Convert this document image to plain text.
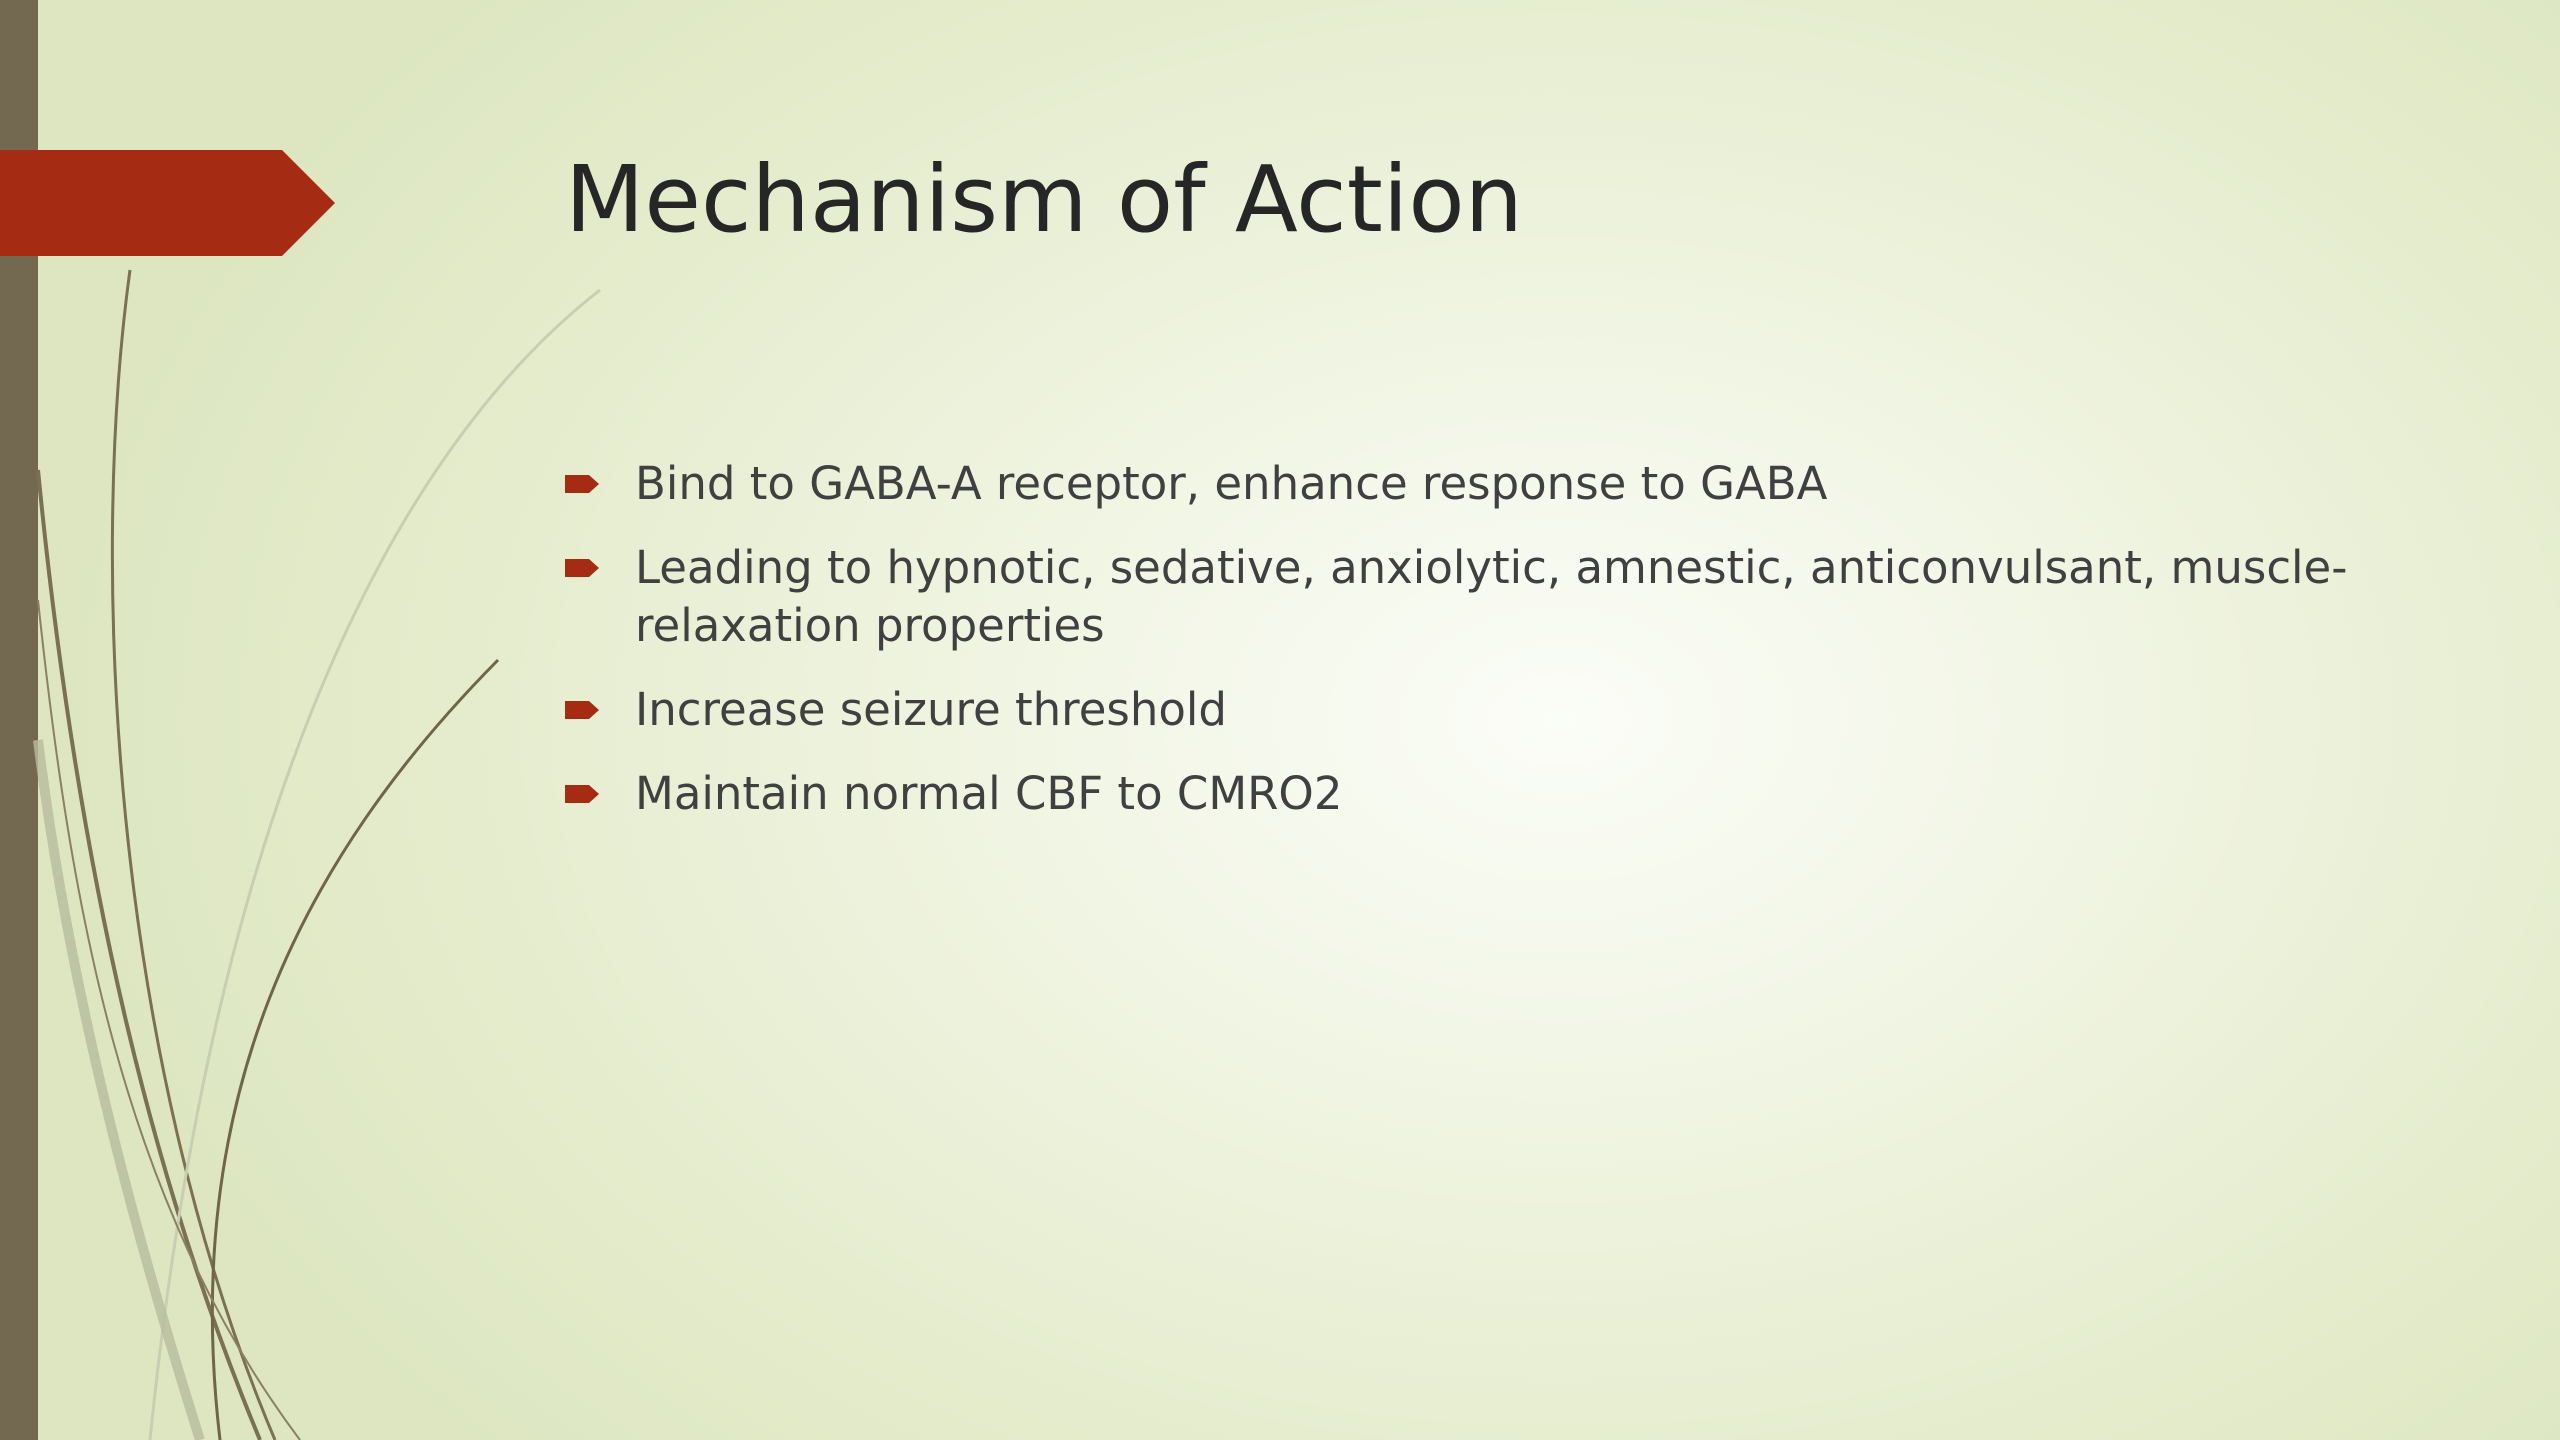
Mechanism of Action
Bind to GABA-A receptor, enhance response to GABA
Leading to hypnotic, sedative, anxiolytic, amnestic, anticonvulsant, muscle-relaxation properties
Increase seizure threshold
Maintain normal CBF to CMRO2
